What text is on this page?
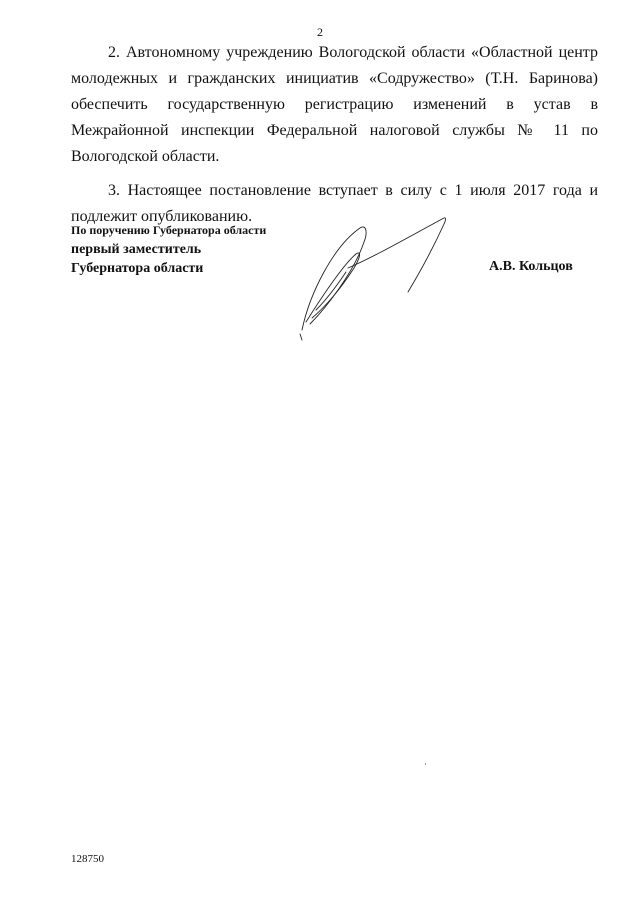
2

2. Автономному учреждению Вологодской области «Областной центр молодежных и гражданских инициатив «Содружество» (Т.Н. Баринова) обеспечить государственную регистрацию изменений в устав в Межрайонной инспекции Федеральной налоговой службы № 11 по Вологодской области.

3. Настоящее постановление вступает в силу с 1 июля 2017 года и подлежит опубликованию.

По поручению Губернатора области
первый заместитель
Губернатора области	А.В. Кольцов
128750
